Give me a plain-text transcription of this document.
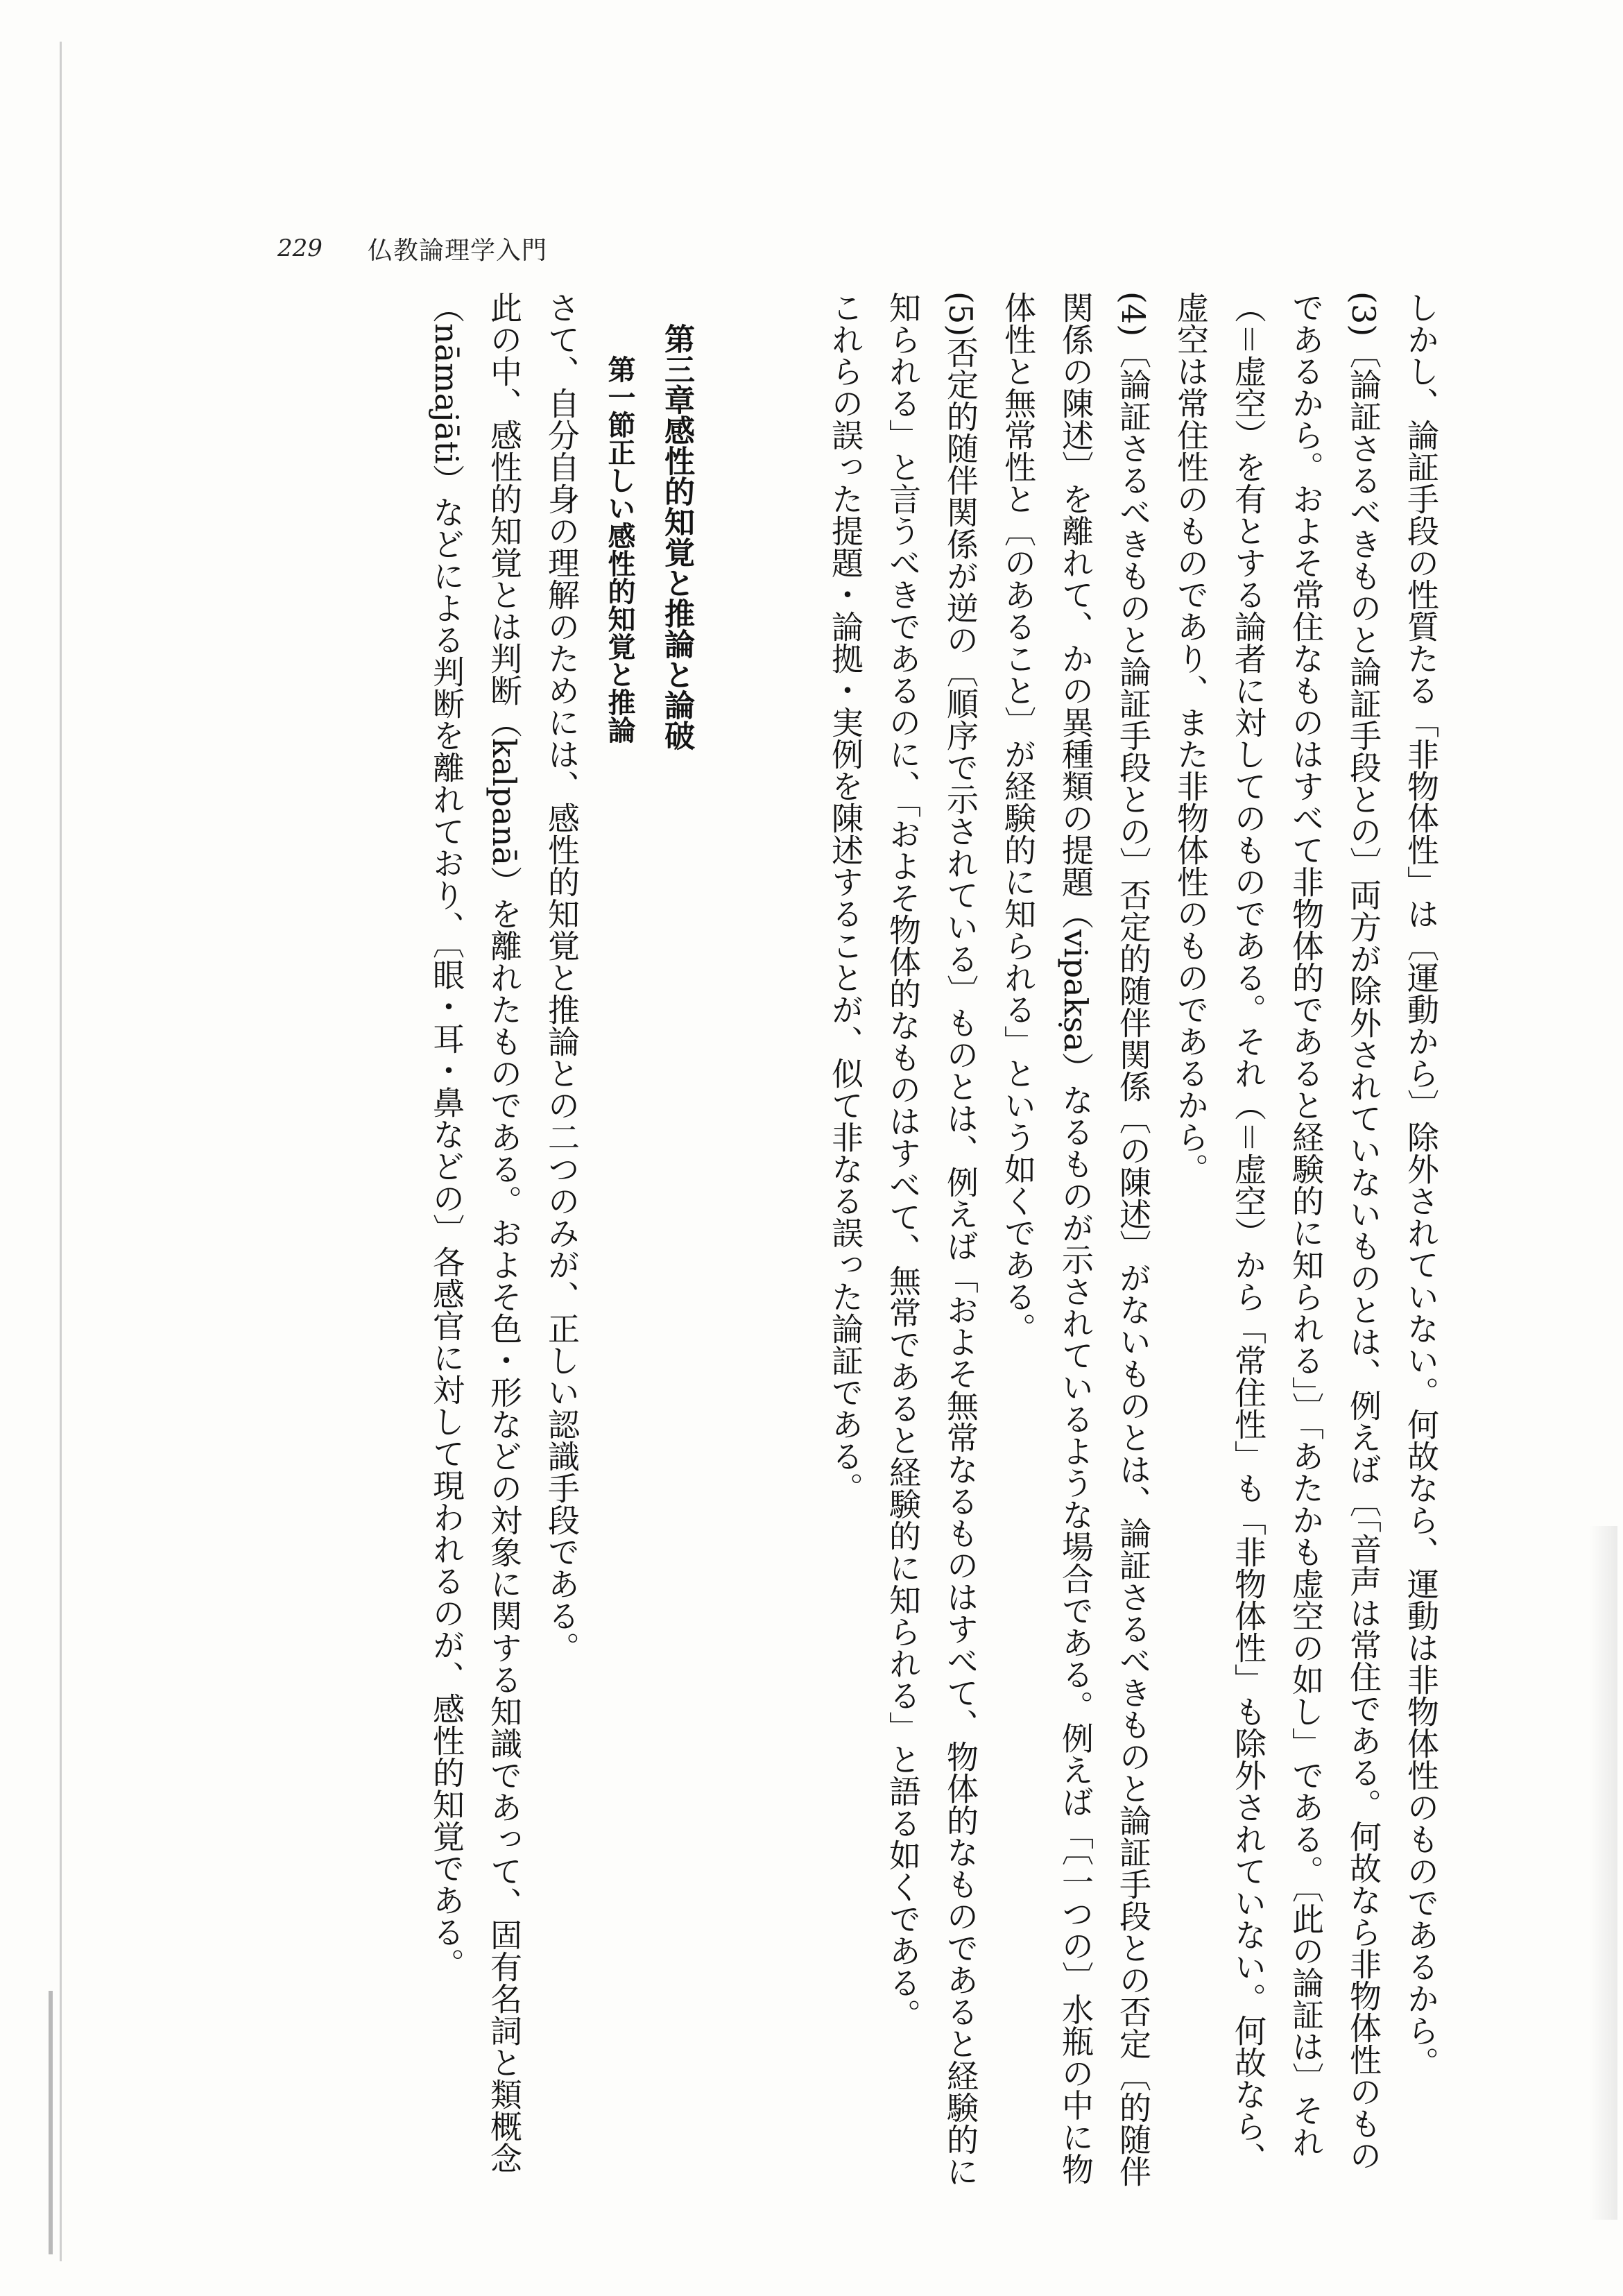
229	仏教論理学入門

しかし、論証手段の性質たる「非物体性」は〔運動から〕除外されていない。何故なら、運動は非物体性のものであるから。

(3)〔論証さるべきものと論証手段との〕両方が除外されていないものとは、例えば〔「音声は常住である。何故なら非物体性のものであるから。およそ常住なものはすべて非物体的であると経験的に知られる」〕「あたかも虚空の如し」である。〔此の論証は〕それ（＝虚空）を有とする論者に対してのものである。それ（＝虚空）から「常住性」も「非物体性」も除外されていない。何故なら、虚空は常住性のものであり、また非物体性のものであるから。

(4)〔論証さるべきものと論証手段との〕否定的随伴関係〔の陳述〕がないものとは、論証さるべきものと論証手段との否定〔的随伴関係の陳述〕を離れて、かの異種類の提題（vipakṣa）なるものが示されているような場合である。例えば「〔一つの〕水瓶の中に物体性と無常性と〔のあること〕が経験的に知られる」という如くである。

(5)否定的随伴関係が逆の〔順序で示されている〕ものとは、例えば「およそ無常なるものはすべて、物体的なものであると経験的に知られる」と言うべきであるのに、「およそ物体的なものはすべて、無常であると経験的に知られる」と語る如くである。

これらの誤った提題・論拠・実例を陳述することが、似て非なる誤った論証である。

第三章感性的知覚と推論と論破

第一節正しい感性的知覚と推論

さて、自分自身の理解のためには、感性的知覚と推論との二つのみが、正しい認識手段である。

此の中、感性的知覚とは判断（kalpanā）を離れたものである。およそ色・形などの対象に関する知識であって、固有名詞と類概念（nāmajāti）などによる判断を離れており、〔眼・耳・鼻などの〕各感官に対して現われるのが、感性的知覚である。
